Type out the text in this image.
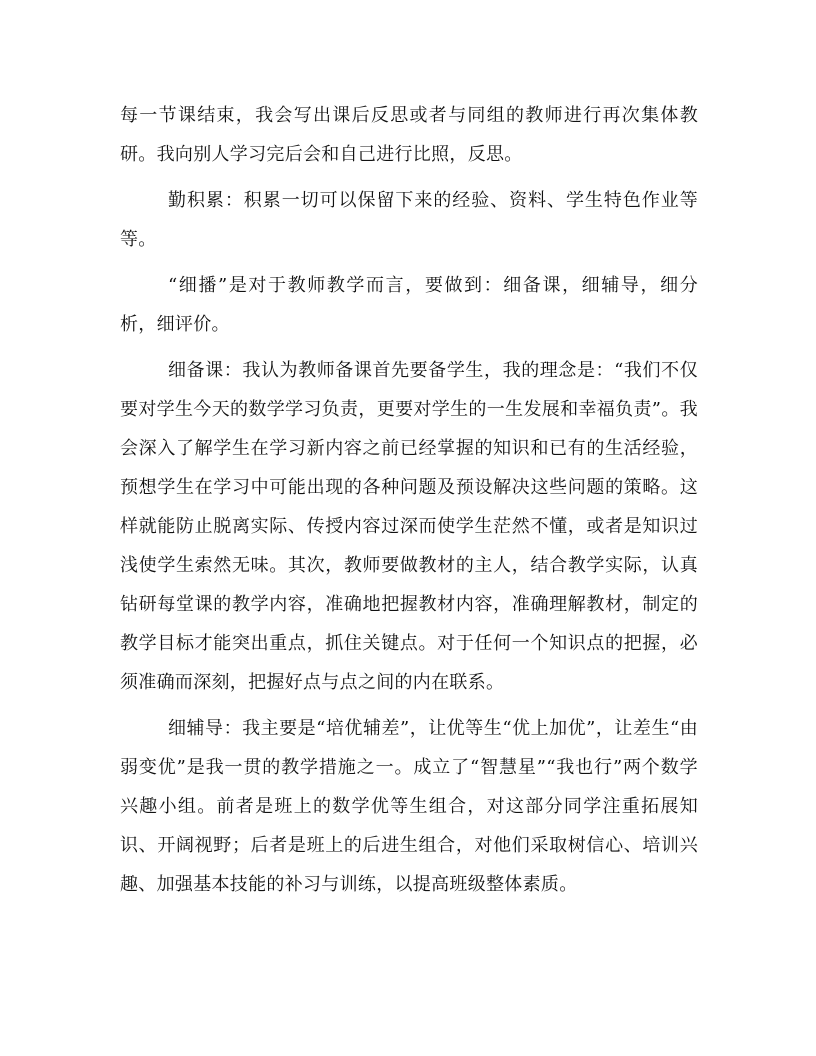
每一节课结束，我会写出课后反思或者与同组的教师进行再次集体教研。我向别人学习完后会和自己进行比照，反思。

勤积累：积累一切可以保留下来的经验、资料、学生特色作业等等。

“细播”是对于教师教学而言，要做到：细备课，细辅导，细分析，细评价。

细备课：我认为教师备课首先要备学生，我的理念是：“我们不仅要对学生今天的数学学习负责，更要对学生的一生发展和幸福负责”。我会深入了解学生在学习新内容之前已经掌握的知识和已有的生活经验，预想学生在学习中可能出现的各种问题及预设解决这些问题的策略。这样就能防止脱离实际、传授内容过深而使学生茫然不懂，或者是知识过浅使学生索然无味。其次，教师要做教材的主人，结合教学实际，认真钻研每堂课的教学内容，准确地把握教材内容，准确理解教材，制定的教学目标才能突出重点，抓住关键点。对于任何一个知识点的把握，必须准确而深刻，把握好点与点之间的内在联系。

细辅导：我主要是“培优辅差”，让优等生“优上加优”，让差生“由弱变优”是我一贯的教学措施之一。成立了“智慧星”“我也行”两个数学兴趣小组。前者是班上的数学优等生组合，对这部分同学注重拓展知识、开阔视野；后者是班上的后进生组合，对他们采取树信心、培训兴趣、加强基本技能的补习与训练，以提高班级整体素质。
